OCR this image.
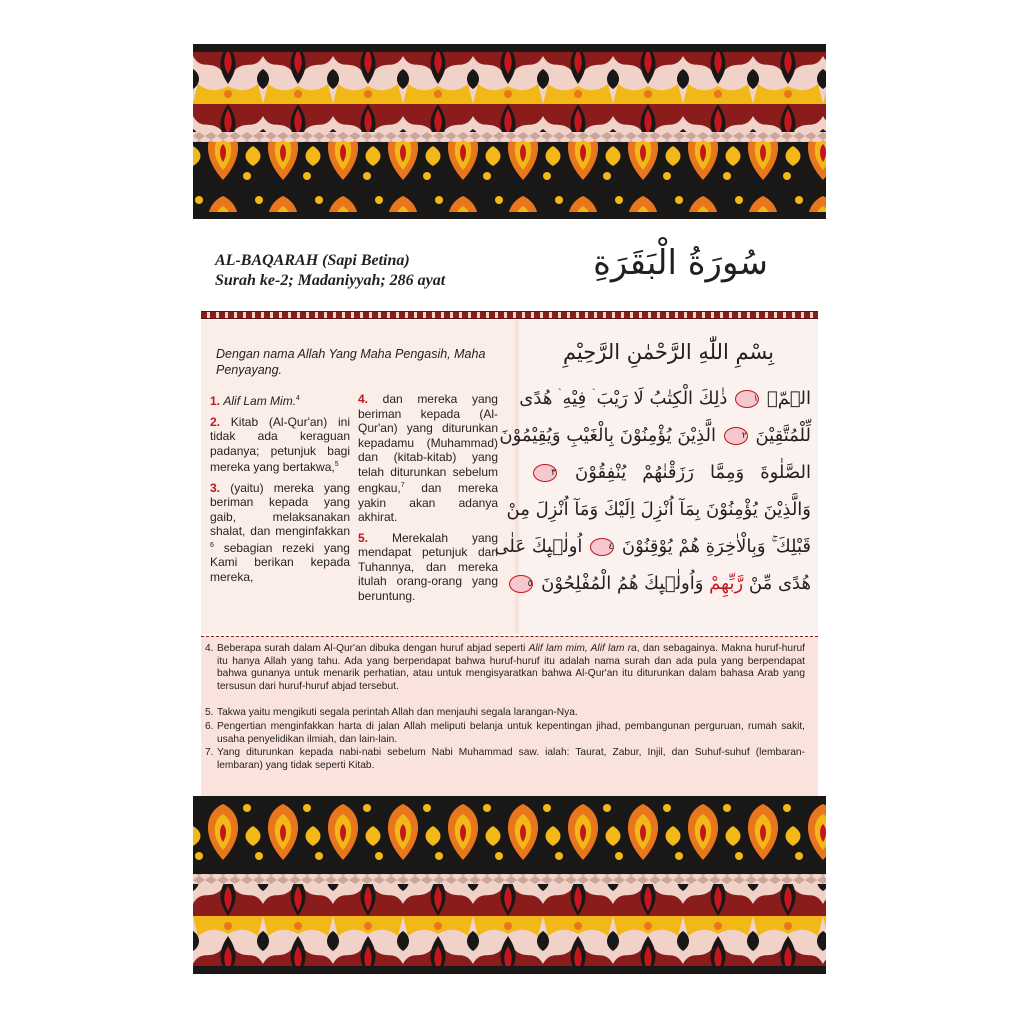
AL-BAQARAH (Sapi Betina)
Surah ke-2; Madaniyyah; 286 ayat	سُورَةُ الْبَقَرَةِ
Dengan nama Allah Yang Maha Pengasih, Maha Penyayang.

1. Alif Lam Mim.$^4$

2. Kitab (Al-Qur'an) ini tidak ada keraguan padanya; petunjuk bagi mereka yang bertakwa,$^5$

3. (yaitu) mereka yang beriman kepada yang gaib, melaksanakan shalat, dan menginfakkan $^6$ sebagian rezeki yang Kami berikan kepada mereka,

4. dan mereka yang beriman kepada (Al-Qur'an) yang diturunkan kepadamu (Muhammad) dan (kitab-kitab) yang telah diturunkan sebelum engkau,$^7$ dan mereka yakin akan adanya akhirat.

5. Merekalah yang mendapat petunjuk dari Tuhannya, dan mereka itulah orang-orang yang beruntung.

بِسْمِ اللّٰهِ الرَّحْمٰنِ الرَّحِيْمِ
الۤمّۤ ١ ذٰلِكَ الْكِتٰبُ لَا رَيْبَ ۛ فِيْهِ ۛ هُدًى
لِّلْمُتَّقِيْنَ ٢ الَّذِيْنَ يُؤْمِنُوْنَ بِالْغَيْبِ وَيُقِيْمُوْنَ
الصَّلٰوةَ وَمِمَّا رَزَقْنٰهُمْ يُنْفِقُوْنَ ٣
وَالَّذِيْنَ يُؤْمِنُوْنَ بِمَآ اُنْزِلَ اِلَيْكَ وَمَآ اُنْزِلَ مِنْ
قَبْلِكَ ۚ وَبِالْاٰخِرَةِ هُمْ يُوْقِنُوْنَ ٤ اُولٰۤىِٕكَ عَلٰى
هُدًى مِّنْ رَّبِّهِمْ وَاُولٰۤىِٕكَ هُمُ الْمُفْلِحُوْنَ ٥
4. Beberapa surah dalam Al-Qur'an dibuka dengan huruf abjad seperti Alif lam mim, Alif lam ra, dan sebagainya. Makna huruf-huruf itu hanya Allah yang tahu. Ada yang berpendapat bahwa huruf-huruf itu adalah nama surah dan ada pula yang berpendapat bahwa gunanya untuk menarik perhatian, atau untuk mengisyaratkan bahwa Al-Qur'an itu diturunkan dalam bahasa Arab yang tersusun dari huruf-huruf abjad tersebut.
5. Takwa yaitu mengikuti segala perintah Allah dan menjauhi segala larangan-Nya.
6. Pengertian menginfakkan harta di jalan Allah meliputi belanja untuk kepentingan jihad, pembangunan perguruan, rumah sakit, usaha penyelidikan ilmiah, dan lain-lain.
7. Yang diturunkan kepada nabi-nabi sebelum Nabi Muhammad saw. ialah: Taurat, Zabur, Injil, dan Suhuf-suhuf (lembaran-lembaran) yang tidak seperti Kitab.
